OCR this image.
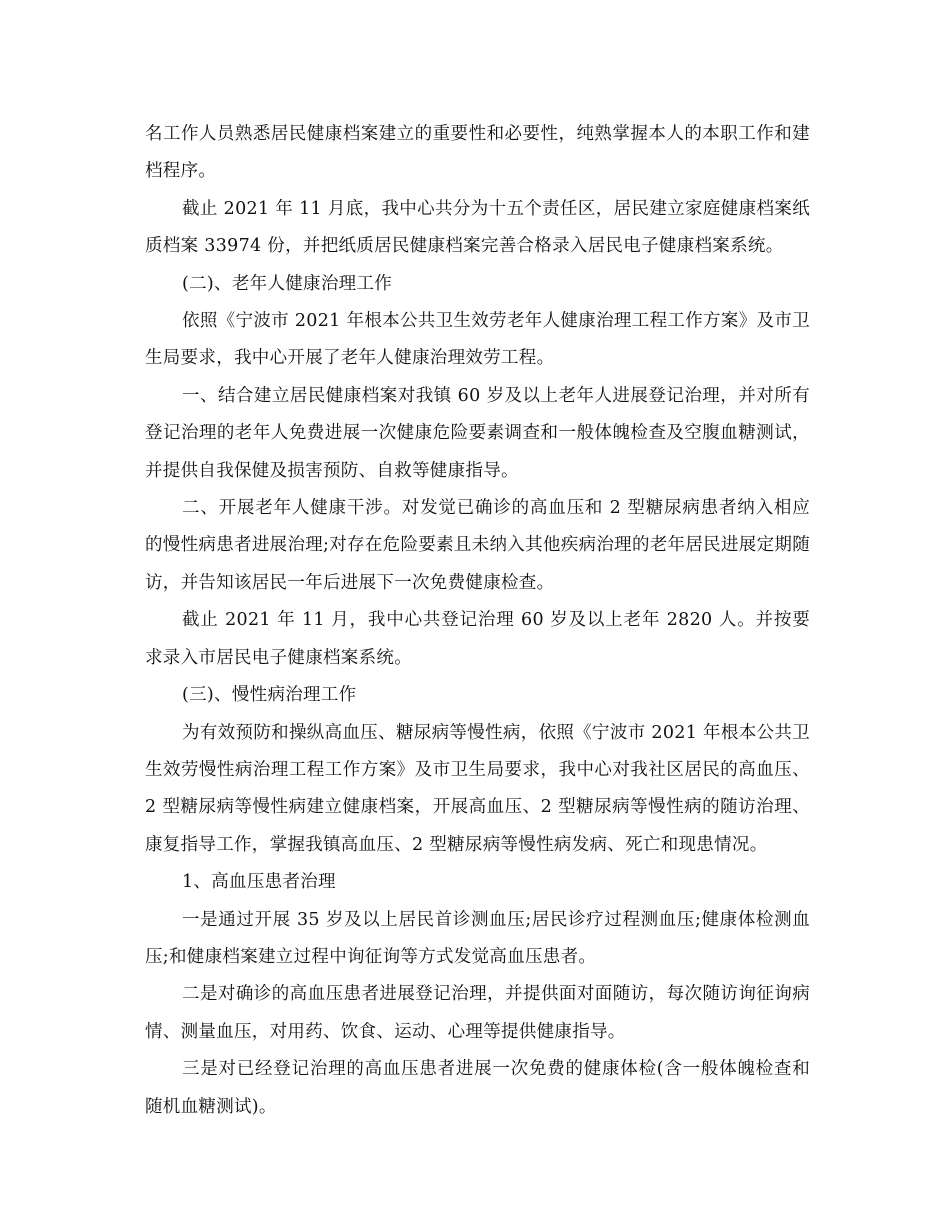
名工作人员熟悉居民健康档案建立的重要性和必要性，纯熟掌握本人的本职工作和建档程序。

截止 2021 年 11 月底，我中心共分为十五个责任区，居民建立家庭健康档案纸质档案 33974 份，并把纸质居民健康档案完善合格录入居民电子健康档案系统。

(二)、老年人健康治理工作

依照《宁波市 2021 年根本公共卫生效劳老年人健康治理工程工作方案》及市卫生局要求，我中心开展了老年人健康治理效劳工程。

一、结合建立居民健康档案对我镇 60 岁及以上老年人进展登记治理，并对所有登记治理的老年人免费进展一次健康危险要素调查和一般体魄检查及空腹血糖测试，并提供自我保健及损害预防、自救等健康指导。

二、开展老年人健康干涉。对发觉已确诊的高血压和 2 型糖尿病患者纳入相应的慢性病患者进展治理;对存在危险要素且未纳入其他疾病治理的老年居民进展定期随访，并告知该居民一年后进展下一次免费健康检查。

截止 2021 年 11 月，我中心共登记治理 60 岁及以上老年 2820 人。并按要求录入市居民电子健康档案系统。

(三)、慢性病治理工作

为有效预防和操纵高血压、糖尿病等慢性病，依照《宁波市 2021 年根本公共卫生效劳慢性病治理工程工作方案》及市卫生局要求，我中心对我社区居民的高血压、2 型糖尿病等慢性病建立健康档案，开展高血压、2 型糖尿病等慢性病的随访治理、康复指导工作，掌握我镇高血压、2 型糖尿病等慢性病发病、死亡和现患情况。

1、高血压患者治理

一是通过开展 35 岁及以上居民首诊测血压;居民诊疗过程测血压;健康体检测血压;和健康档案建立过程中询征询等方式发觉高血压患者。

二是对确诊的高血压患者进展登记治理，并提供面对面随访，每次随访询征询病情、测量血压，对用药、饮食、运动、心理等提供健康指导。

三是对已经登记治理的高血压患者进展一次免费的健康体检(含一般体魄检查和随机血糖测试)。
